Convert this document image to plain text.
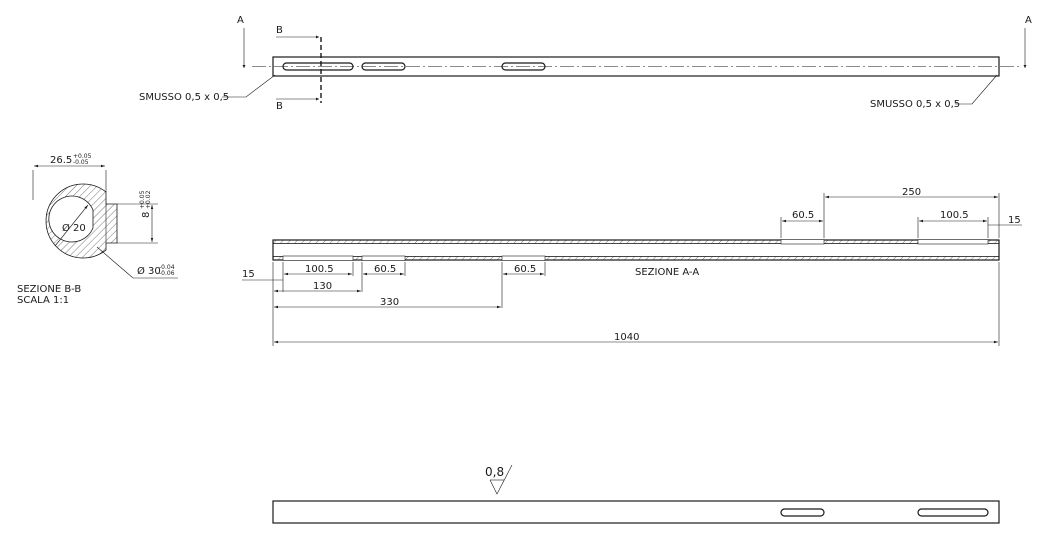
A	A
B
B
SMUSSO 0,5 x 0,5
SMUSSO 0,5 x 0,5
26.5 +0.05
-0.05
Ø 20
8
+0.05 +0.02
Ø 30
-0.04
-0.06
SEZIONE B-B
SCALA 1:1
15	100.5	60.5	60.5
130
330
1040
SEZIONE A-A
60.5
250
100.5	15
0,8
